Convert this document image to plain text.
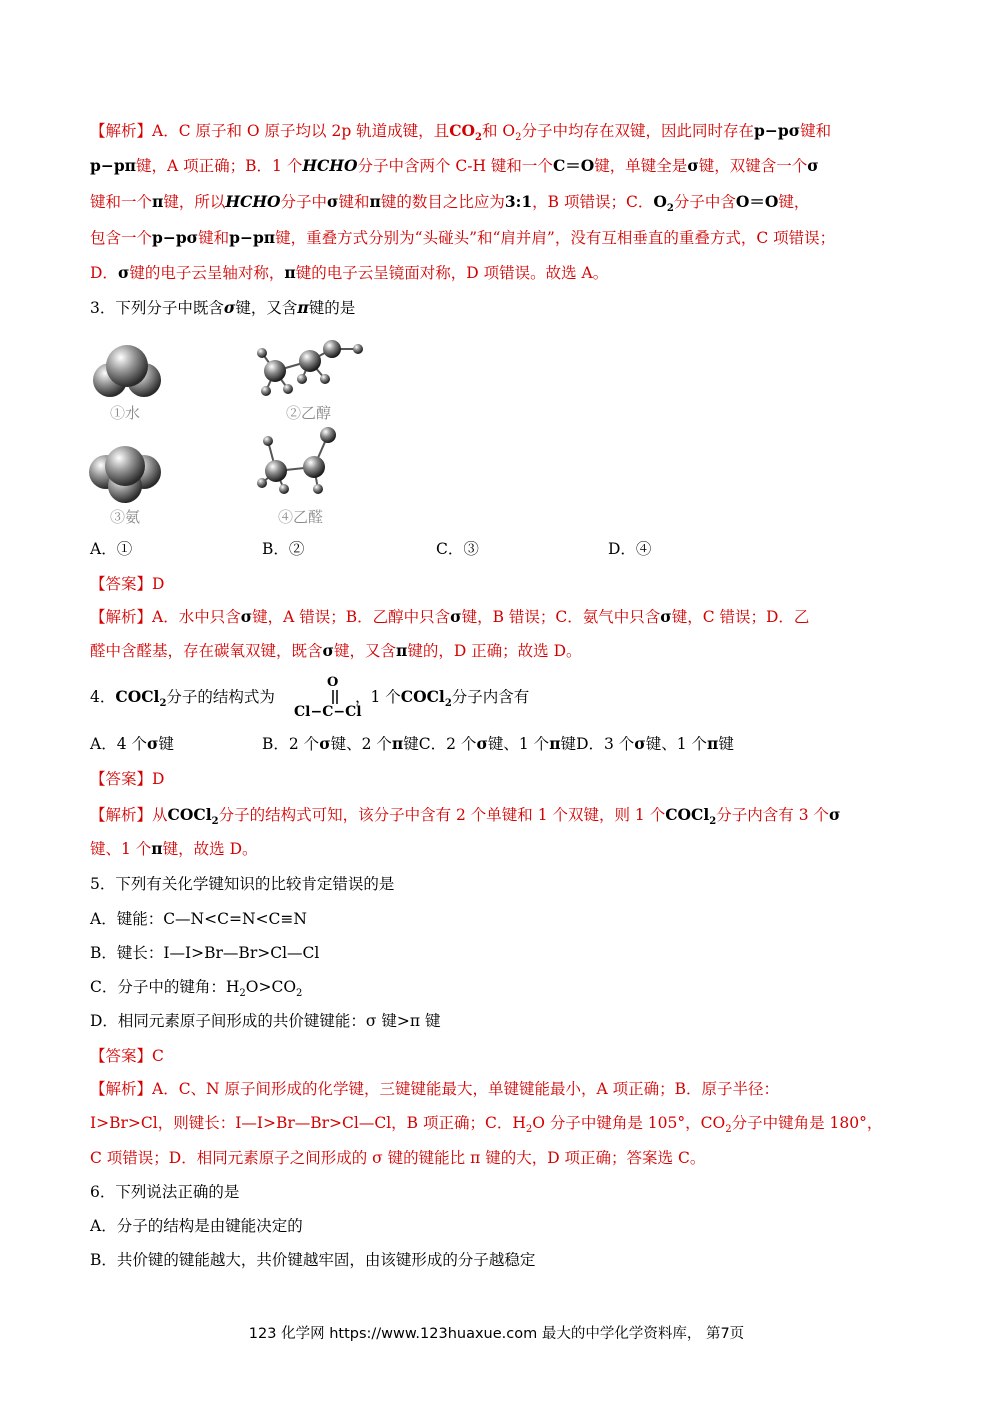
【解析】A．C 原子和 O 原子均以 2p 轨道成键，且$CO_2$和 $O_2$分子中均存在双键，因此同时存在p−pσ键和
p−pπ键，A 项正确；B．1 个HCHO分子中含两个 C-H 键和一个C＝O键，单键全是σ键，双键含一个σ
键和一个π键，所以HCHO分子中σ键和π键的数目之比应为3:1，B 项错误；C．$O_2$分子中含O＝O键，
包含一个p−pσ键和p−pπ键，重叠方式分别为“头碰头”和“肩并肩”，没有互相垂直的重叠方式，C 项错误；
D．σ键的电子云呈轴对称，π键的电子云呈镜面对称，D 项错误。故选 A。
3．下列分子中既含σ键，又含π键的是
①水	②乙醇
③氨	④乙醛
A．①	B．②	C．③	D．④
【答案】D
【解析】A．水中只含σ键，A 错误；B．乙醇中只含σ键，B 错误；C．氨气中只含σ键，C 错误；D．乙
醛中含醛基，存在碳氧双键，既含σ键，又含π键的，D 正确；故选 D。
4．COCl$_2$分子的结构式为	，1 个COCl$_2$分子内含有
O
Cl−C−Cl
A．4 个σ键	B．2 个σ键、2 个π键C．2 个σ键、1 个π键D．3 个σ键、1 个π键
【答案】D
【解析】从COCl$_2$分子的结构式可知，该分子中含有 2 个单键和 1 个双键，则 1 个COCl$_2$分子内含有 3 个σ
键、1 个π键，故选 D。
5．下列有关化学键知识的比较肯定错误的是
A．键能：C—N<C=N<C≡N
B．键长：I—I>Br—Br>Cl—Cl
C．分子中的键角：$H_2O>CO_2$
D．相同元素原子间形成的共价键键能：σ 键>π 键
【答案】C
【解析】A．C、N 原子间形成的化学键，三键键能最大，单键键能最小，A 项正确；B．原子半径：
I>Br>Cl，则键长：I—I>Br—Br>Cl—Cl，B 项正确；C．$H_2O$ 分子中键角是 105°，$CO_2$分子中键角是 180°，
C 项错误；D．相同元素原子之间形成的 σ 键的键能比 π 键的大，D 项正确；答案选 C。
6．下列说法正确的是
A．分子的结构是由键能决定的
B．共价键的键能越大，共价键越牢固，由该键形成的分子越稳定
123 化学网 https://www.123huaxue.com 最大的中学化学资料库， 第7页
